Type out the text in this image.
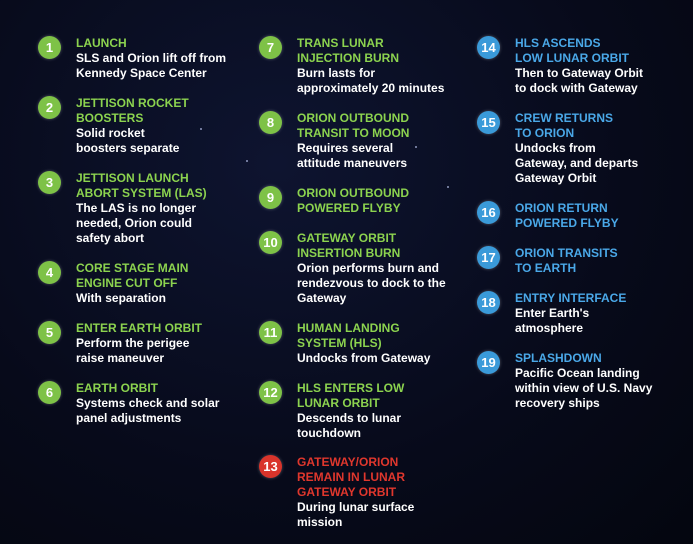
1	LAUNCH
SLS and Orion lift off from
Kennedy Space Center
2	JETTISON ROCKET
BOOSTERS
Solid rocket
boosters separate
3	JETTISON LAUNCH
ABORT SYSTEM (LAS)
The LAS is no longer
needed, Orion could
safety abort
4	CORE STAGE MAIN
ENGINE CUT OFF
With separation
5	ENTER EARTH ORBIT
Perform the perigee
raise maneuver
6	EARTH ORBIT
Systems check and solar
panel adjustments
7	TRANS LUNAR
INJECTION BURN
Burn lasts for
approximately 20 minutes
8	ORION OUTBOUND
TRANSIT TO MOON
Requires several
attitude maneuvers
9	ORION OUTBOUND
POWERED FLYBY
10	GATEWAY ORBIT
INSERTION BURN
Orion performs burn and
rendezvous to dock to the
Gateway
11	HUMAN LANDING
SYSTEM (HLS)
Undocks from Gateway
12	HLS ENTERS LOW
LUNAR ORBIT
Descends to lunar
touchdown
13	GATEWAY/ORION
REMAIN IN LUNAR
GATEWAY ORBIT
During lunar surface
mission
14	HLS ASCENDS
LOW LUNAR ORBIT
Then to Gateway Orbit
to dock with Gateway
15	CREW RETURNS
TO ORION
Undocks from
Gateway, and departs
Gateway Orbit
16	ORION RETURN
POWERED FLYBY
17	ORION TRANSITS
TO EARTH
18	ENTRY INTERFACE
Enter Earth's
atmosphere
19	SPLASHDOWN
Pacific Ocean landing
within view of U.S. Navy
recovery ships
